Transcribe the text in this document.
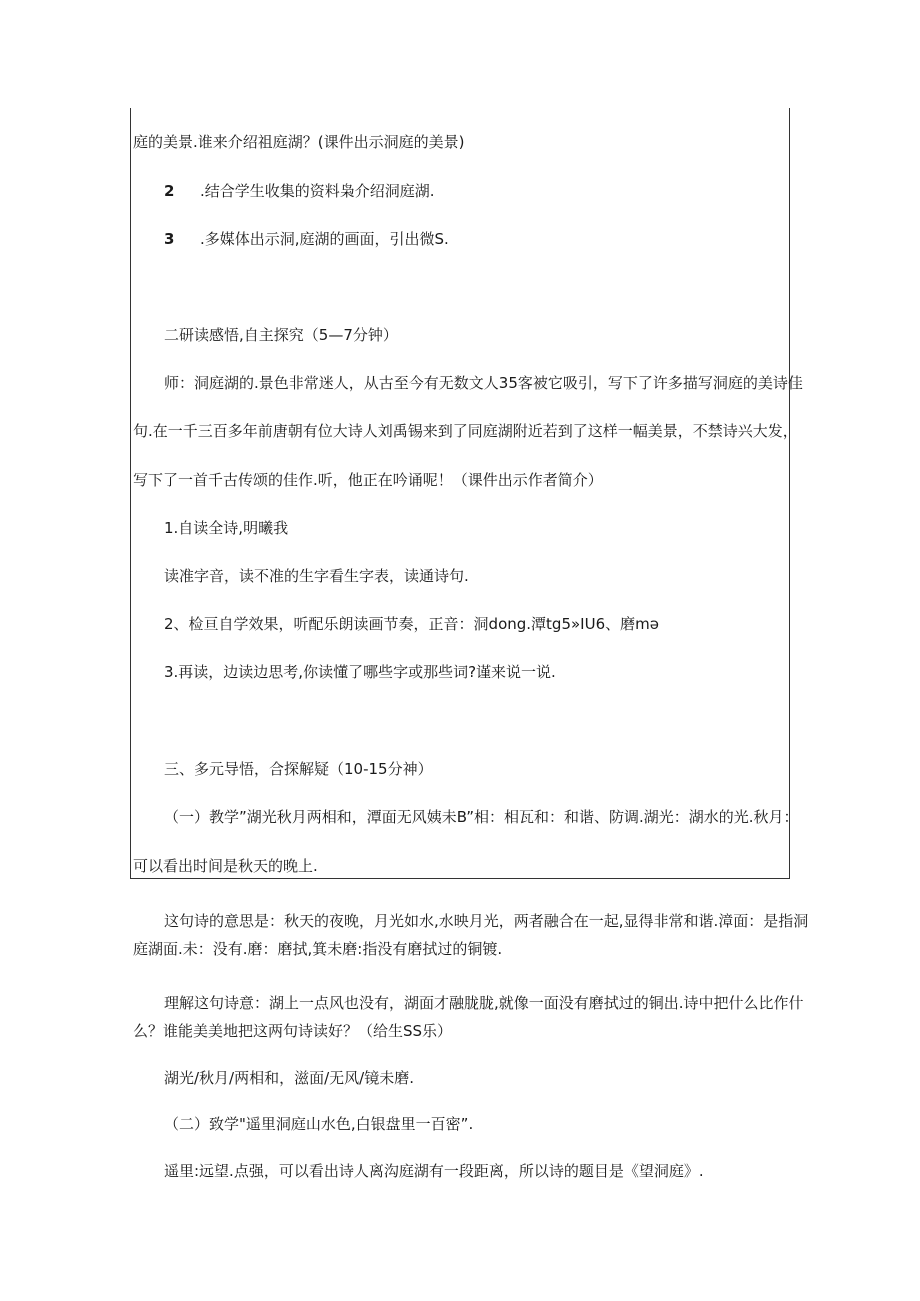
庭的美景.谁来介绍祖庭湖？(课件出示洞庭的美景)
2 .结合学生收集的资料枭介绍洞庭湖.
3 .多媒体出示洞,庭湖的画面，引出微S.
二研读感悟,自主探究（5—7分钟）
师：洞庭湖的.景色非常迷人，从古至今有无数文人35客被它吸引，写下了许多描写洞庭的美诗佳
句.在一千三百多年前唐朝有位大诗人刘禹锡来到了同庭湖附近若到了这样一幅美景，不禁诗兴大发，
写下了一首千古传颂的佳作.听，他正在吟诵呢！（课件出示作者简介）
1.自读全诗,明曦我
读准字音，读不准的生字看生字表，读通诗句.
2、检亘自学效果，听配乐朗读画节奏，正音：洞dong.潭tg5»IU6、磨mə
3.再读，边读边思考,你读懂了哪些字或那些词?谨来说一说.
三、多元导悟，合探解疑（10-15分神）
（一）教学”湖光秋月两相和，潭面无风姨未B”相：相瓦和：和谐、防调.湖光：湖水的光.秋月：
可以看出时间是秋天的晚上.
这句诗的意思是：秋天的夜晚，月光如水,水映月光，两者融合在一起,显得非常和谐.漳面：是指洞
庭湖面.未：没有.磨：磨拭,箕未磨:指没有磨拭过的铜镀.
理解这句诗意：湖上一点风也没有，湖面才融胧胧,就像一面没有磨拭过的铜出.诗中把什么比作什
么？谁能美美地把这两句诗读好？（给生SS乐）
湖光/秋月/两相和，滋面/无风/镜未磨.
（二）致学"遥里洞庭山水色,白银盘里一百密”.
遥里:远望.点强，可以看出诗人离沟庭湖有一段距离，所以诗的题目是《望洞庭》.
